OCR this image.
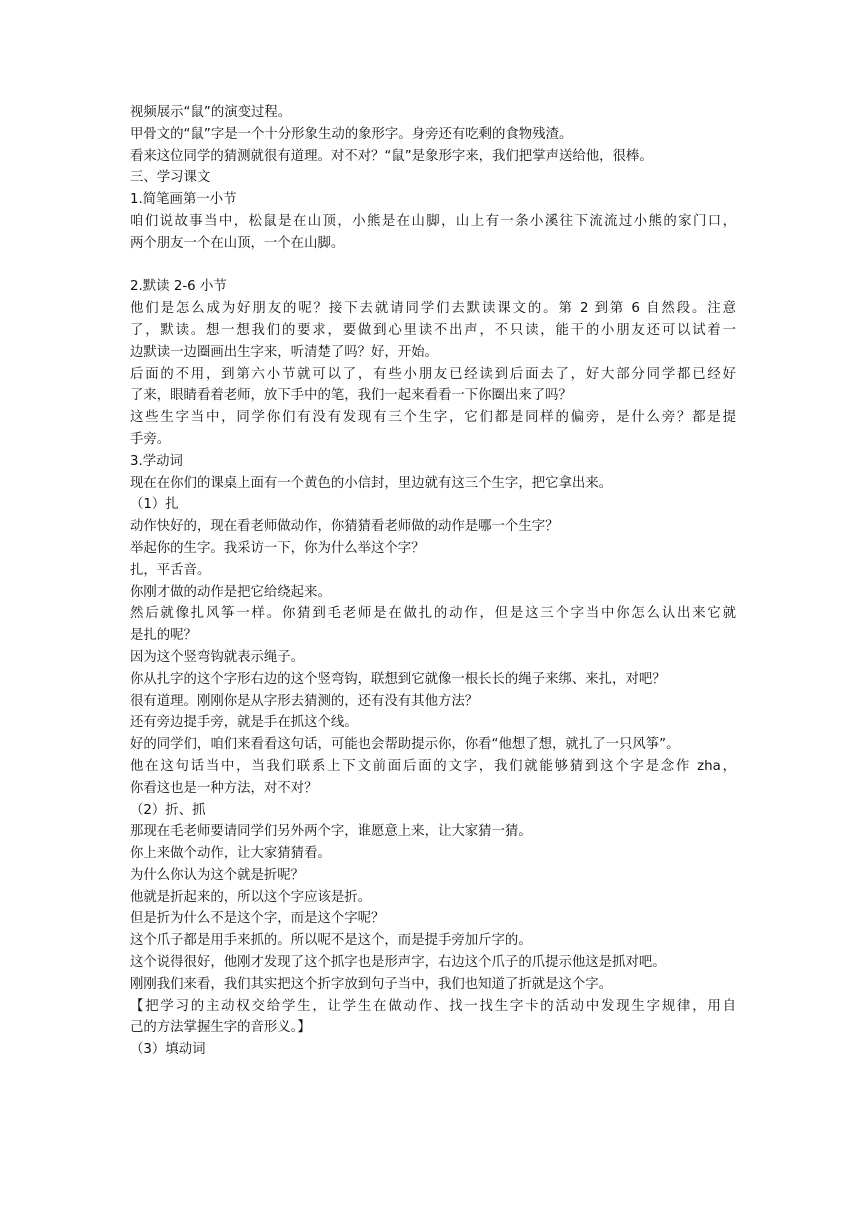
视频展示“鼠”的演变过程。
甲骨文的“鼠”字是一个十分形象生动的象形字。身旁还有吃剩的食物残渣。
看来这位同学的猜测就很有道理。对不对？“鼠”是象形字来，我们把掌声送给他，很棒。
三、学习课文
1.简笔画第一小节
咱们说故事当中，松鼠是在山顶，小熊是在山脚，山上有一条小溪往下流流过小熊的家门口，
两个朋友一个在山顶，一个在山脚。
2.默读 2-6 小节
他们是怎么成为好朋友的呢？接下去就请同学们去默读课文的。第 2 到第 6 自然段。注意
了，默读。想一想我们的要求，要做到心里读不出声，不只读，能干的小朋友还可以试着一
边默读一边圈画出生字来，听清楚了吗？好，开始。
后面的不用，到第六小节就可以了，有些小朋友已经读到后面去了，好大部分同学都已经好
了来，眼睛看着老师，放下手中的笔，我们一起来看看一下你圈出来了吗？
这些生字当中，同学你们有没有发现有三个生字，它们都是同样的偏旁，是什么旁？都是提
手旁。
3.学动词
现在在你们的课桌上面有一个黄色的小信封，里边就有这三个生字，把它拿出来。
（1）扎
动作快好的，现在看老师做动作，你猜猜看老师做的动作是哪一个生字？
举起你的生字。我采访一下，你为什么举这个字？
扎，平舌音。
你刚才做的动作是把它给绕起来。
然后就像扎风筝一样。你猜到毛老师是在做扎的动作，但是这三个字当中你怎么认出来它就
是扎的呢？
因为这个竖弯钩就表示绳子。
你从扎字的这个字形右边的这个竖弯钩，联想到它就像一根长长的绳子来绑、来扎，对吧？
很有道理。刚刚你是从字形去猜测的，还有没有其他方法？
还有旁边提手旁，就是手在抓这个线。
好的同学们，咱们来看看这句话，可能也会帮助提示你，你看“他想了想，就扎了一只风筝”。
他在这句话当中，当我们联系上下文前面后面的文字，我们就能够猜到这个字是念作 zha，
你看这也是一种方法，对不对？
（2）折、抓
那现在毛老师要请同学们另外两个字，谁愿意上来，让大家猜一猜。
你上来做个动作，让大家猜猜看。
为什么你认为这个就是折呢？
他就是折起来的，所以这个字应该是折。
但是折为什么不是这个字，而是这个字呢？
这个爪子都是用手来抓的。所以呢不是这个，而是提手旁加斤字的。
这个说得很好，他刚才发现了这个抓字也是形声字，右边这个爪子的爪提示他这是抓对吧。
刚刚我们来看，我们其实把这个折字放到句子当中，我们也知道了折就是这个字。
【把学习的主动权交给学生，让学生在做动作、找一找生字卡的活动中发现生字规律，用自
己的方法掌握生字的音形义。】
（3）填动词
